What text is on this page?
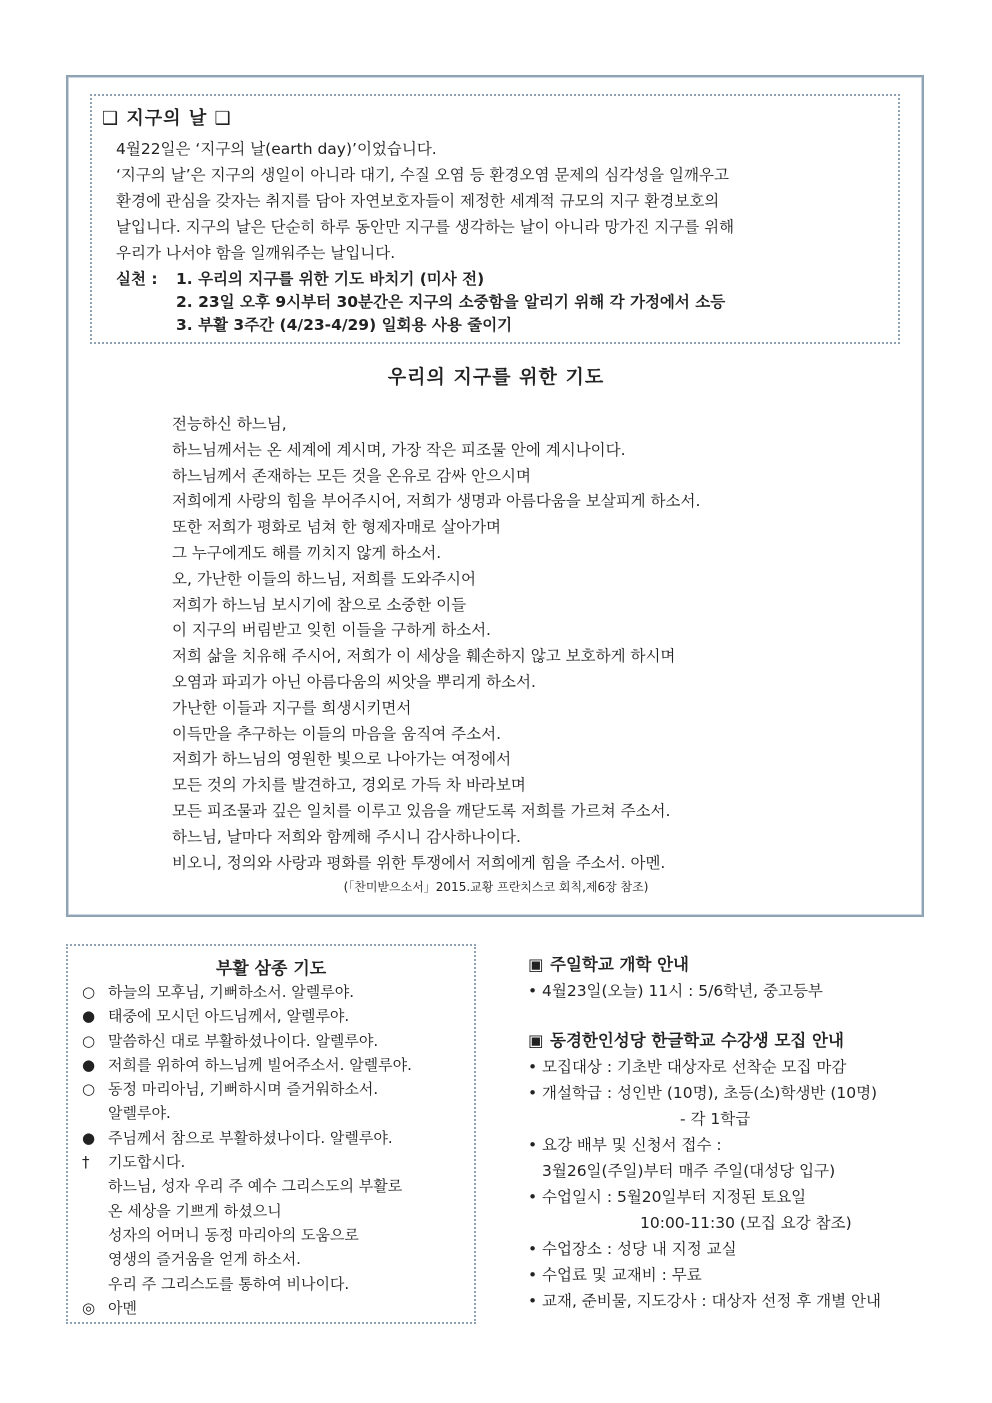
❑ 지구의 날 ❑

4월22일은 ‘지구의 날(earth day)’이었습니다.

‘지구의 날’은 지구의 생일이 아니라 대기, 수질 오염 등 환경오염 문제의 심각성을 일깨우고

환경에 관심을 갖자는 취지를 담아 자연보호자들이 제정한 세계적 규모의 지구 환경보호의

날입니다. 지구의 날은 단순히 하루 동안만 지구를 생각하는 날이 아니라 망가진 지구를 위해

우리가 나서야 함을 일깨워주는 날입니다.

실천 :	1. 우리의 지구를 위한 기도 바치기 (미사 전)
2. 23일 오후 9시부터 30분간은 지구의 소중함을 알리기 위해 각 가정에서 소등
3. 부활 3주간 (4/23-4/29) 일회용 사용 줄이기
우리의 지구를 위한 기도
전능하신 하느님,
하느님께서는 온 세계에 계시며, 가장 작은 피조물 안에 계시나이다.
하느님께서 존재하는 모든 것을 온유로 감싸 안으시며
저희에게 사랑의 힘을 부어주시어, 저희가 생명과 아름다움을 보살피게 하소서.
또한 저희가 평화로 넘쳐 한 형제자매로 살아가며
그 누구에게도 해를 끼치지 않게 하소서.
오, 가난한 이들의 하느님, 저희를 도와주시어
저희가 하느님 보시기에 참으로 소중한 이들
이 지구의 버림받고 잊힌 이들을 구하게 하소서.
저희 삶을 치유해 주시어, 저희가 이 세상을 훼손하지 않고 보호하게 하시며
오염과 파괴가 아닌 아름다움의 씨앗을 뿌리게 하소서.
가난한 이들과 지구를 희생시키면서
이득만을 추구하는 이들의 마음을 움직여 주소서.
저희가 하느님의 영원한 빛으로 나아가는 여정에서
모든 것의 가치를 발견하고, 경외로 가득 차 바라보며
모든 피조물과 깊은 일치를 이루고 있음을 깨닫도록 저희를 가르쳐 주소서.
하느님, 날마다 저희와 함께해 주시니 감사하나이다.
비오니, 정의와 사랑과 평화를 위한 투쟁에서 저희에게 힘을 주소서. 아멘.
(「찬미받으소서」2015.교황 프란치스코 회칙,제6장 참조)
부활 삼종 기도
○ 하늘의 모후님, 기뻐하소서. 알렐루야.
● 태중에 모시던 아드님께서, 알렐루야.
○ 말씀하신 대로 부활하셨나이다. 알렐루야.
● 저희를 위하여 하느님께 빌어주소서. 알렐루야.
○ 동정 마리아님, 기뻐하시며 즐거워하소서.
알렐루야.
● 주님께서 참으로 부활하셨나이다. 알렐루야.
† 기도합시다.
하느님, 성자 우리 주 예수 그리스도의 부활로
온 세상을 기쁘게 하셨으니
성자의 어머니 동정 마리아의 도움으로
영생의 즐거움을 얻게 하소서.
우리 주 그리스도를 통하여 비나이다.
◎ 아멘
▣ 주일학교 개학 안내
• 4월23일(오늘) 11시 : 5/6학년, 중고등부
▣ 동경한인성당 한글학교 수강생 모집 안내
• 모집대상 : 기초반 대상자로 선착순 모집 마감
• 개설학급 : 성인반 (10명), 초등(소)학생반 (10명)
- 각 1학급
• 요강 배부 및 신청서 접수 :
3월26일(주일)부터 매주 주일(대성당 입구)
• 수업일시 : 5월20일부터 지정된 토요일
10:00-11:30 (모집 요강 참조)
• 수업장소 : 성당 내 지정 교실
• 수업료 및 교재비 : 무료
• 교재, 준비물, 지도강사 : 대상자 선정 후 개별 안내
